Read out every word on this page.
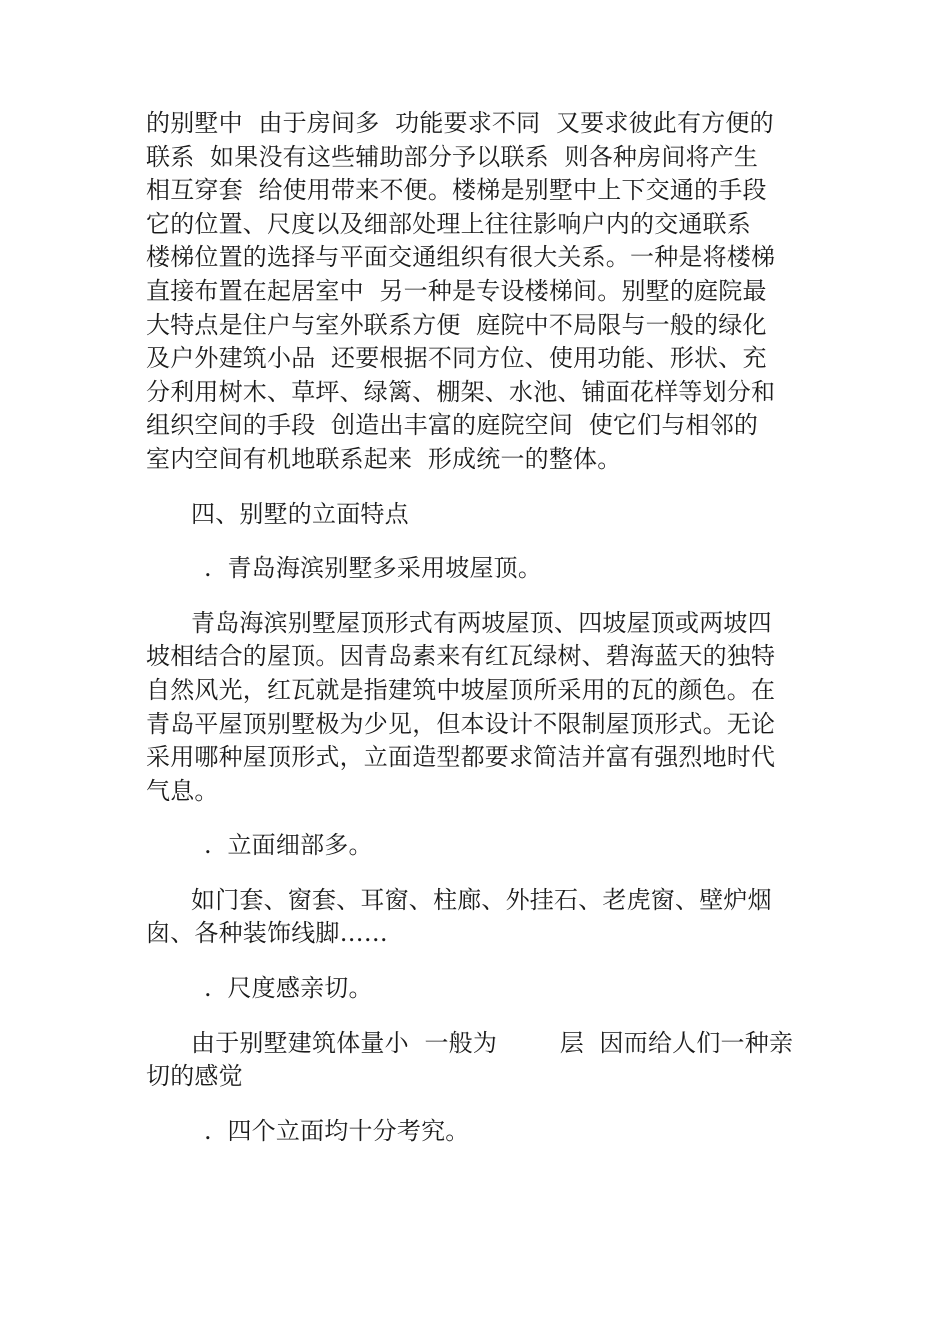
的别墅中  由于房间多  功能要求不同  又要求彼此有方便的
联系  如果没有这些辅助部分予以联系  则各种房间将产生
相互穿套  给使用带来不便。楼梯是别墅中上下交通的手段
它的位置、尺度以及细部处理上往往影响户内的交通联系
楼梯位置的选择与平面交通组织有很大关系。一种是将楼梯
直接布置在起居室中  另一种是专设楼梯间。别墅的庭院最
大特点是住户与室外联系方便  庭院中不局限与一般的绿化
及户外建筑小品  还要根据不同方位、使用功能、形状、充
分利用树木、草坪、绿篱、棚架、水池、铺面花样等划分和
组织空间的手段  创造出丰富的庭院空间  使它们与相邻的
室内空间有机地联系起来  形成统一的整体。
四、别墅的立面特点
.  青岛海滨别墅多采用坡屋顶。
青岛海滨别墅屋顶形式有两坡屋顶、四坡屋顶或两坡四
坡相结合的屋顶。因青岛素来有红瓦绿树、碧海蓝天的独特
自然风光，红瓦就是指建筑中坡屋顶所采用的瓦的颜色。在
青岛平屋顶别墅极为少见，但本设计不限制屋顶形式。无论
采用哪种屋顶形式，立面造型都要求简洁并富有强烈地时代
气息。
.  立面细部多。
如门套、窗套、耳窗、柱廊、外挂石、老虎窗、壁炉烟
囱、各种装饰线脚……
.  尺度感亲切。
由于别墅建筑体量小  一般为        层  因而给人们一种亲
切的感觉
.  四个立面均十分考究。
